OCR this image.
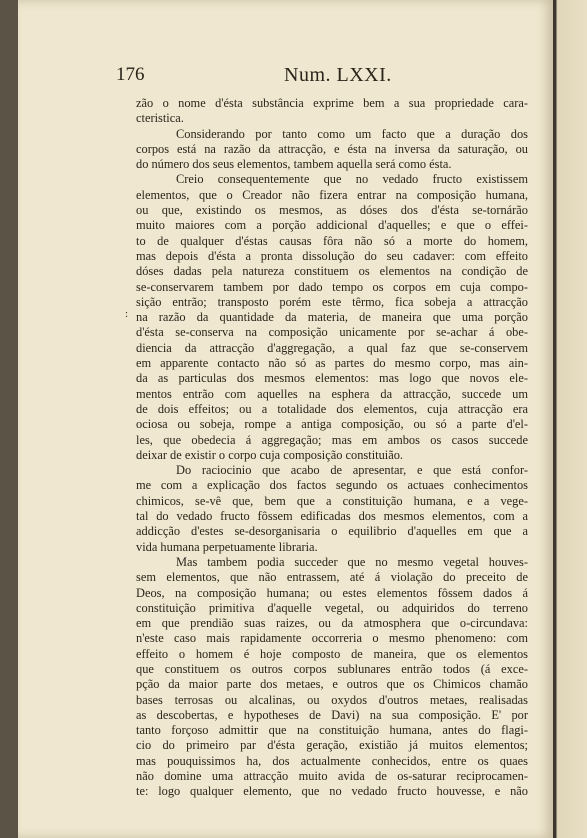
176	Num. LXXI.
:
zão o nome d'ésta substância exprime bem a sua propriedade cara-
cteristica.
Considerando por tanto como um facto que a duração dos
corpos está na razão da attracção, e ésta na inversa da saturação, ou
do número dos seus elementos, tambem aquella será como ésta.
Creio consequentemente que no vedado fructo existissem
elementos, que o Creador não fizera entrar na composição humana,
ou que, existindo os mesmos, as dóses dos d'ésta se-tornárão
muito maiores com a porção addicional d'aquelles; e que o effei-
to de qualquer d'éstas causas fôra não só a morte do homem,
mas depois d'ésta a pronta dissolução do seu cadaver: com effeito
dóses dadas pela natureza constituem os elementos na condição de
se-conservarem tambem por dado tempo os corpos em cuja compo-
sição entrão; transposto porém este têrmo, fica sobeja a attracção
na razão da quantidade da materia, de maneira que uma porção
d'ésta se-conserva na composição unicamente por se-achar á obe-
diencia da attracção d'aggregação, a qual faz que se-conservem
em apparente contacto não só as partes do mesmo corpo, mas ain-
da as particulas dos mesmos elementos: mas logo que novos ele-
mentos entrão com aquelles na esphera da attracção, succede um
de dois effeitos; ou a totalidade dos elementos, cuja attracção era
ociosa ou sobeja, rompe a antiga composição, ou só a parte d'el-
les, que obedecia á aggregação; mas em ambos os casos succede
deixar de existir o corpo cuja composição constituião.
Do raciocinio que acabo de apresentar, e que está confor-
me com a explicação dos factos segundo os actuaes conhecimentos
chimicos, se-vê que, bem que a constituição humana, e a vege-
tal do vedado fructo fôssem edificadas dos mesmos elementos, com a
addicção d'estes se-desorganisaria o equilibrio d'aquelles em que a
vida humana perpetuamente libraria.
Mas tambem podia succeder que no mesmo vegetal houves-
sem elementos, que não entrassem, até á violação do preceito de
Deos, na composição humana; ou estes elementos fôssem dados á
constituição primitiva d'aquelle vegetal, ou adquiridos do terreno
em que prendião suas raizes, ou da atmosphera que o-circundava:
n'este caso mais rapidamente occorreria o mesmo phenomeno: com
effeito o homem é hoje composto de maneira, que os elementos
que constituem os outros corpos sublunares entrão todos (á exce-
pção da maior parte dos metaes, e outros que os Chimicos chamão
bases terrosas ou alcalinas, ou oxydos d'outros metaes, realisadas
as descobertas, e hypotheses de Davi) na sua composição. E' por
tanto forçoso admittir que na constituição humana, antes do flagi-
cio do primeiro par d'ésta geração, existião já muitos elementos;
mas pouquissimos ha, dos actualmente conhecidos, entre os quaes
não domine uma attracção muito avida de os-saturar reciprocamen-
te: logo qualquer elemento, que no vedado fructo houvesse, e não
